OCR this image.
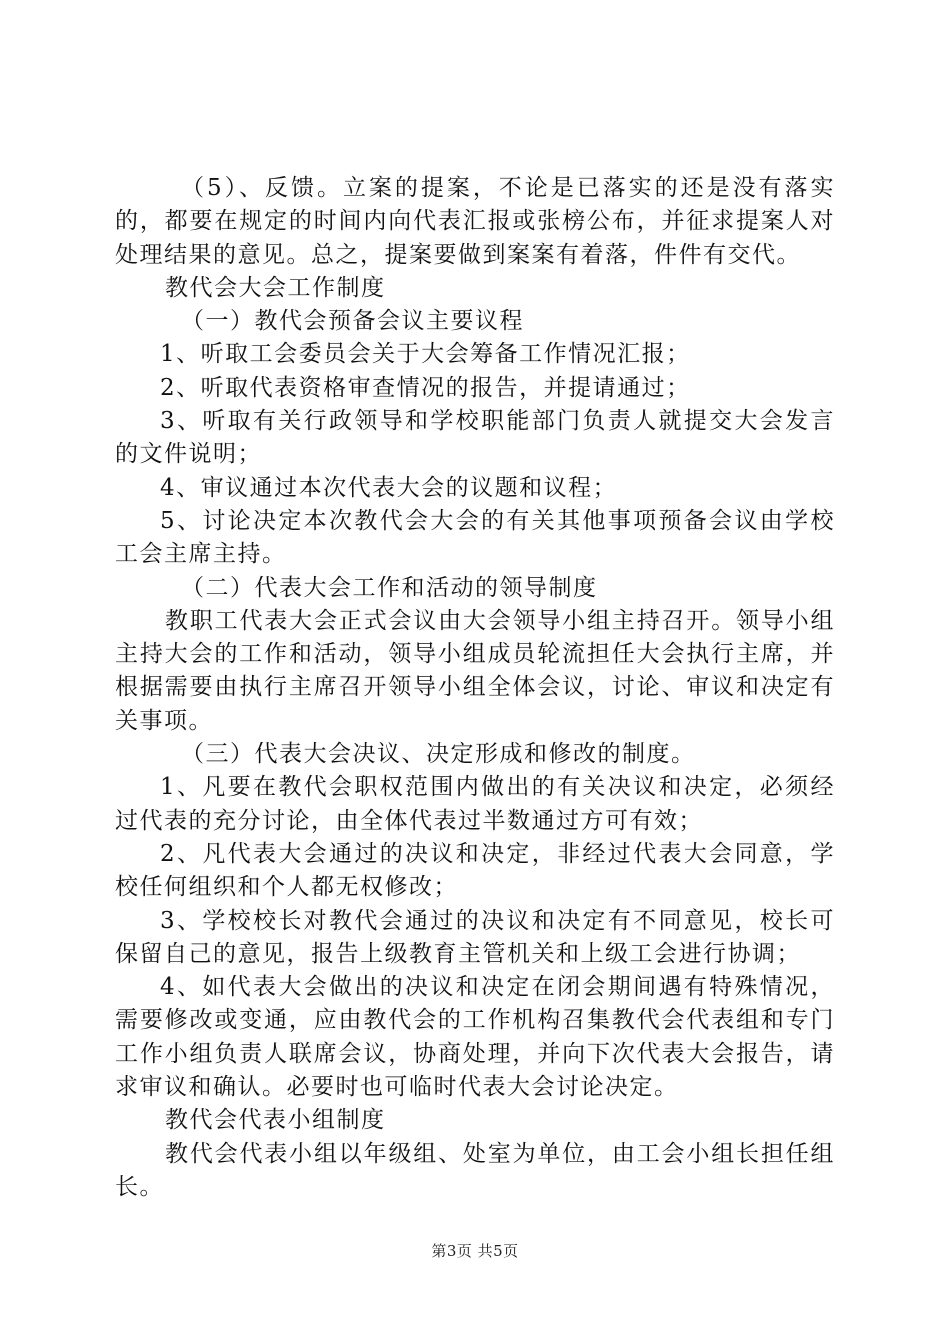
（5）、反馈。立案的提案，不论是已落实的还是没有落实的，都要在规定的时间内向代表汇报或张榜公布，并征求提案人对处理结果的意见。总之，提案要做到案案有着落，件件有交代。

教代会大会工作制度

（一）教代会预备会议主要议程

1、听取工会委员会关于大会筹备工作情况汇报；

2、听取代表资格审查情况的报告，并提请通过；

3、听取有关行政领导和学校职能部门负责人就提交大会发言的文件说明；

4、审议通过本次代表大会的议题和议程；

5、讨论决定本次教代会大会的有关其他事项预备会议由学校工会主席主持。

（二）代表大会工作和活动的领导制度

教职工代表大会正式会议由大会领导小组主持召开。领导小组主持大会的工作和活动，领导小组成员轮流担任大会执行主席，并根据需要由执行主席召开领导小组全体会议，讨论、审议和决定有关事项。

（三）代表大会决议、决定形成和修改的制度。

1、凡要在教代会职权范围内做出的有关决议和决定，必须经过代表的充分讨论，由全体代表过半数通过方可有效；

2、凡代表大会通过的决议和决定，非经过代表大会同意，学校任何组织和个人都无权修改；

3、学校校长对教代会通过的决议和决定有不同意见，校长可保留自己的意见，报告上级教育主管机关和上级工会进行协调；

4、如代表大会做出的决议和决定在闭会期间遇有特殊情况，需要修改或变通，应由教代会的工作机构召集教代会代表组和专门工作小组负责人联席会议，协商处理，并向下次代表大会报告，请求审议和确认。必要时也可临时代表大会讨论决定。

教代会代表小组制度

教代会代表小组以年级组、处室为单位，由工会小组长担任组长。

第3页 共5页
